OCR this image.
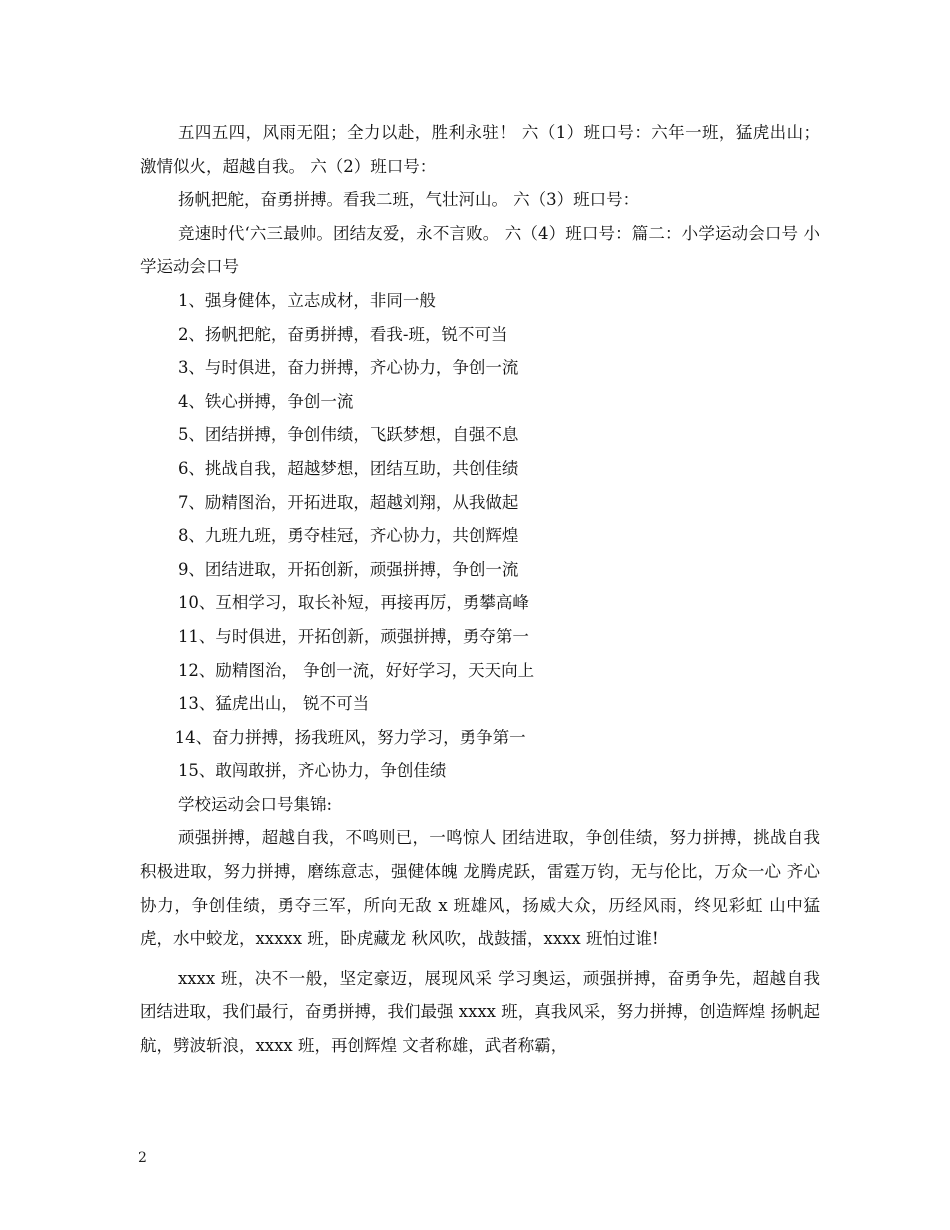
五四五四，风雨无阻；全力以赴，胜利永驻！ 六（1）班口号：六年一班，猛虎出山；激情似火，超越自我。 六（2）班口号：

扬帆把舵，奋勇拼搏。看我二班，气壮河山。 六（3）班口号：

竞速时代‘六三最帅。团结友爱，永不言败。 六（4）班口号：篇二：小学运动会口号 小学运动会口号

1、强身健体，立志成材，非同一般

2、扬帆把舵，奋勇拼搏，看我-班，锐不可当

3、与时俱进，奋力拼搏，齐心协力，争创一流

4、铁心拼搏，争创一流

5、团结拼搏，争创伟绩，飞跃梦想，自强不息

6、挑战自我，超越梦想，团结互助，共创佳绩

7、励精图治，开拓进取，超越刘翔，从我做起

8、九班九班，勇夺桂冠，齐心协力，共创辉煌

9、团结进取，开拓创新，顽强拼搏，争创一流

10、互相学习，取长补短，再接再厉，勇攀高峰

11、与时俱进，开拓创新，顽强拼搏，勇夺第一

12、励精图治， 争创一流，好好学习，天天向上

13、猛虎出山， 锐不可当

14、奋力拼搏，扬我班风，努力学习，勇争第一

15、敢闯敢拼，齐心协力，争创佳绩

学校运动会口号集锦:

顽强拼搏，超越自我，不鸣则已，一鸣惊人 团结进取，争创佳绩，努力拼搏，挑战自我 积极进取，努力拼搏，磨练意志，强健体魄 龙腾虎跃，雷霆万钧，无与伦比，万众一心 齐心协力，争创佳绩，勇夺三军，所向无敌 x 班雄风，扬威大众，历经风雨，终见彩虹 山中猛虎，水中蛟龙，xxxxx 班，卧虎藏龙 秋风吹，战鼓擂，xxxx 班怕过谁!

xxxx 班，决不一般，坚定豪迈，展现风采 学习奥运，顽强拼搏，奋勇争先，超越自我 团结进取，我们最行，奋勇拼搏，我们最强 xxxx 班，真我风采，努力拼搏，创造辉煌 扬帆起航，劈波斩浪，xxxx 班，再创辉煌 文者称雄，武者称霸，

2
